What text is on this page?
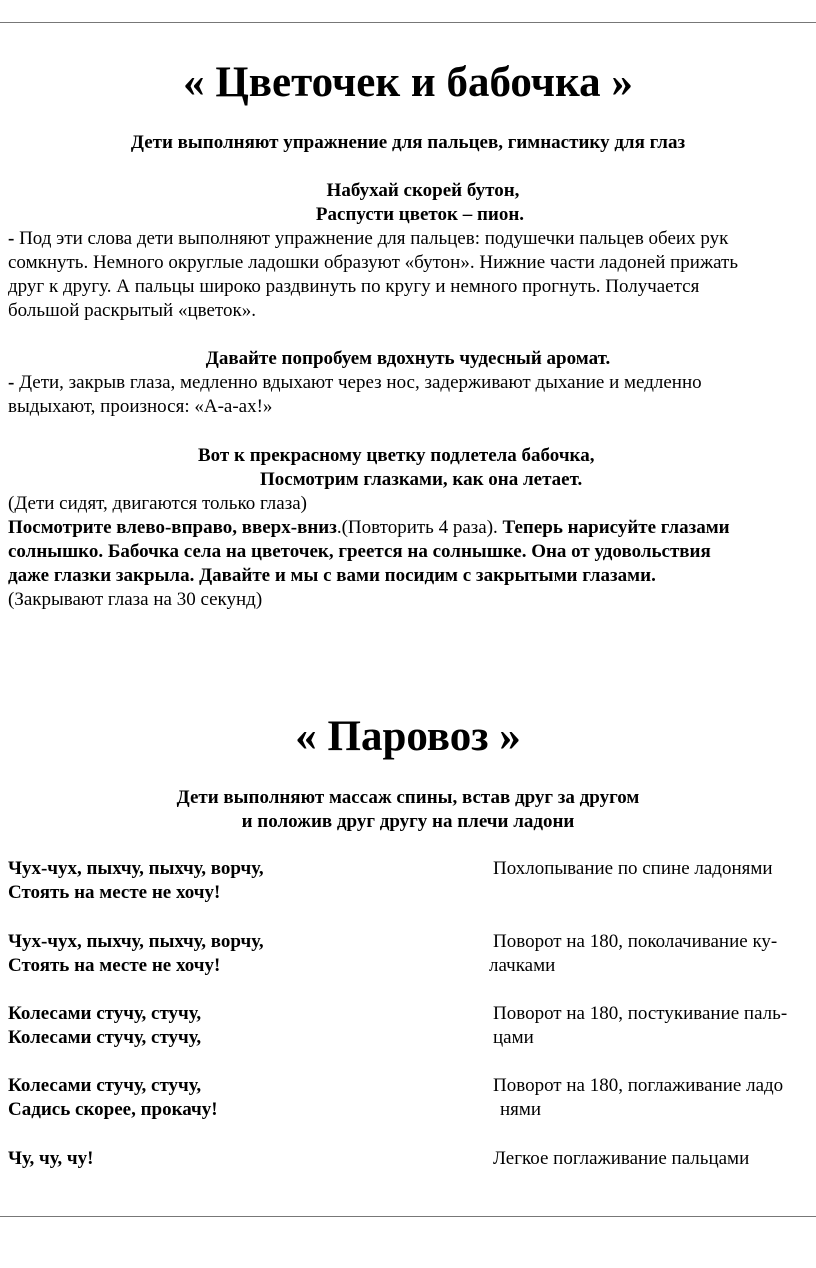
« Цветочек и бабочка »
Дети выполняют упражнение для пальцев, гимнастику для глаз
Набухай скорей бутон,
Распусти цветок – пион.
- Под эти слова дети выполняют упражнение для пальцев: подушечки пальцев обеих рук
сомкнуть. Немного округлые ладошки образуют «бутон». Нижние части ладоней прижать
друг к другу. А пальцы широко раздвинуть по кругу и немного прогнуть. Получается
большой раскрытый «цветок».
Давайте попробуем вдохнуть чудесный аромат.
- Дети, закрыв глаза, медленно вдыхают через нос, задерживают дыхание и медленно
выдыхают, произнося: «А-а-ах!»
Вот к прекрасному цветку подлетела бабочка,
Посмотрим глазками, как она летает.
(Дети сидят, двигаются только глаза)
Посмотрите влево-вправо, вверх-вниз.(Повторить 4 раза). Теперь нарисуйте глазами
солнышко. Бабочка села на цветочек, греется на солнышке. Она от удовольствия
даже глазки закрыла. Давайте и мы с вами посидим с закрытыми глазами.
(Закрывают глаза на 30 секунд)
« Паровоз »
Дети выполняют массаж спины, встав друг за другом
и положив друг другу на плечи ладони
Чух-чух, пыхчу, пыхчу, ворчу,
Стоять на месте не хочу!
Похлопывание по спине ладонями
Чух-чух, пыхчу, пыхчу, ворчу,
Стоять на месте не хочу!
Поворот на 180, поколачивание ку-
лачками
Колесами стучу, стучу,
Колесами стучу, стучу,
Поворот на 180, постукивание паль-
цами
Колесами стучу, стучу,
Садись скорее, прокачу!
Поворот на 180, поглаживание ладо
нями
Чу, чу, чу!	Легкое поглаживание пальцами
